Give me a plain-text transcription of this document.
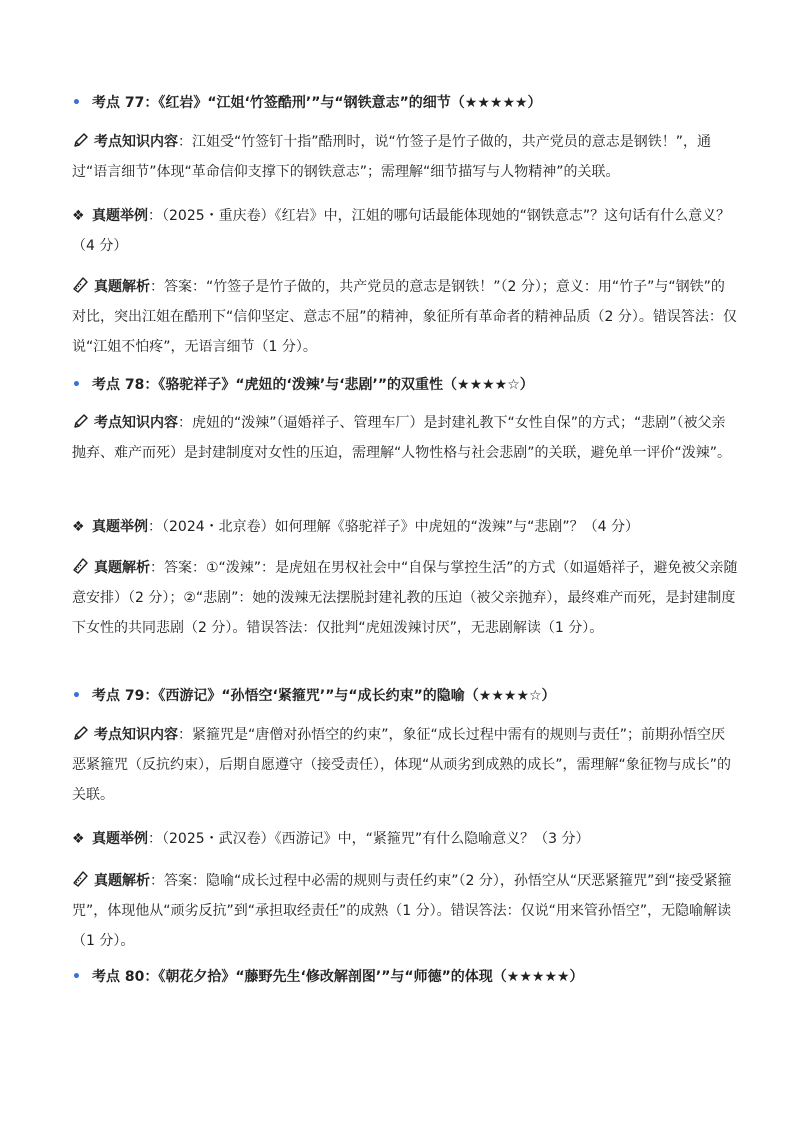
• 考点 77：《红岩》“江姐‘竹签酷刑’”与“钢铁意志”的细节（★★★★★）
考点知识内容：江姐受“竹签钉十指”酷刑时，说“竹签子是竹子做的，共产党员的意志是钢铁！”，通过“语言细节”体现“革命信仰支撑下的钢铁意志”；需理解“细节描写与人物精神”的关联。
❖ 真题举例：（2025・重庆卷）《红岩》中，江姐的哪句话最能体现她的“钢铁意志”？这句话有什么意义？（4 分）
真题解析：答案：“竹签子是竹子做的，共产党员的意志是钢铁！”（2 分）；意义：用“竹子”与“钢铁”的对比，突出江姐在酷刑下“信仰坚定、意志不屈”的精神，象征所有革命者的精神品质（2 分）。错误答法：仅说“江姐不怕疼”，无语言细节（1 分）。
• 考点 78：《骆驼祥子》“虎妞的‘泼辣’与‘悲剧’”的双重性（★★★★☆）
考点知识内容：虎妞的“泼辣”（逼婚祥子、管理车厂）是封建礼教下“女性自保”的方式；“悲剧”（被父亲抛弃、难产而死）是封建制度对女性的压迫，需理解“人物性格与社会悲剧”的关联，避免单一评价“泼辣”。
❖ 真题举例：（2024・北京卷）如何理解《骆驼祥子》中虎妞的“泼辣”与“悲剧”？（4 分）
真题解析：答案：①“泼辣”：是虎妞在男权社会中“自保与掌控生活”的方式（如逼婚祥子，避免被父亲随意安排）（2 分）；②“悲剧”：她的泼辣无法摆脱封建礼教的压迫（被父亲抛弃），最终难产而死，是封建制度下女性的共同悲剧（2 分）。错误答法：仅批判“虎妞泼辣讨厌”，无悲剧解读（1 分）。
• 考点 79：《西游记》“孙悟空‘紧箍咒’”与“成长约束”的隐喻（★★★★☆）
考点知识内容：紧箍咒是“唐僧对孙悟空的约束”，象征“成长过程中需有的规则与责任”；前期孙悟空厌恶紧箍咒（反抗约束），后期自愿遵守（接受责任），体现“从顽劣到成熟的成长”，需理解“象征物与成长”的关联。
❖ 真题举例：（2025・武汉卷）《西游记》中，“紧箍咒”有什么隐喻意义？（3 分）
真题解析：答案：隐喻“成长过程中必需的规则与责任约束”（2 分），孙悟空从“厌恶紧箍咒”到“接受紧箍咒”，体现他从“顽劣反抗”到“承担取经责任”的成熟（1 分）。错误答法：仅说“用来管孙悟空”，无隐喻解读（1 分）。
• 考点 80：《朝花夕拾》“藤野先生‘修改解剖图’”与“师德”的体现（★★★★★）
